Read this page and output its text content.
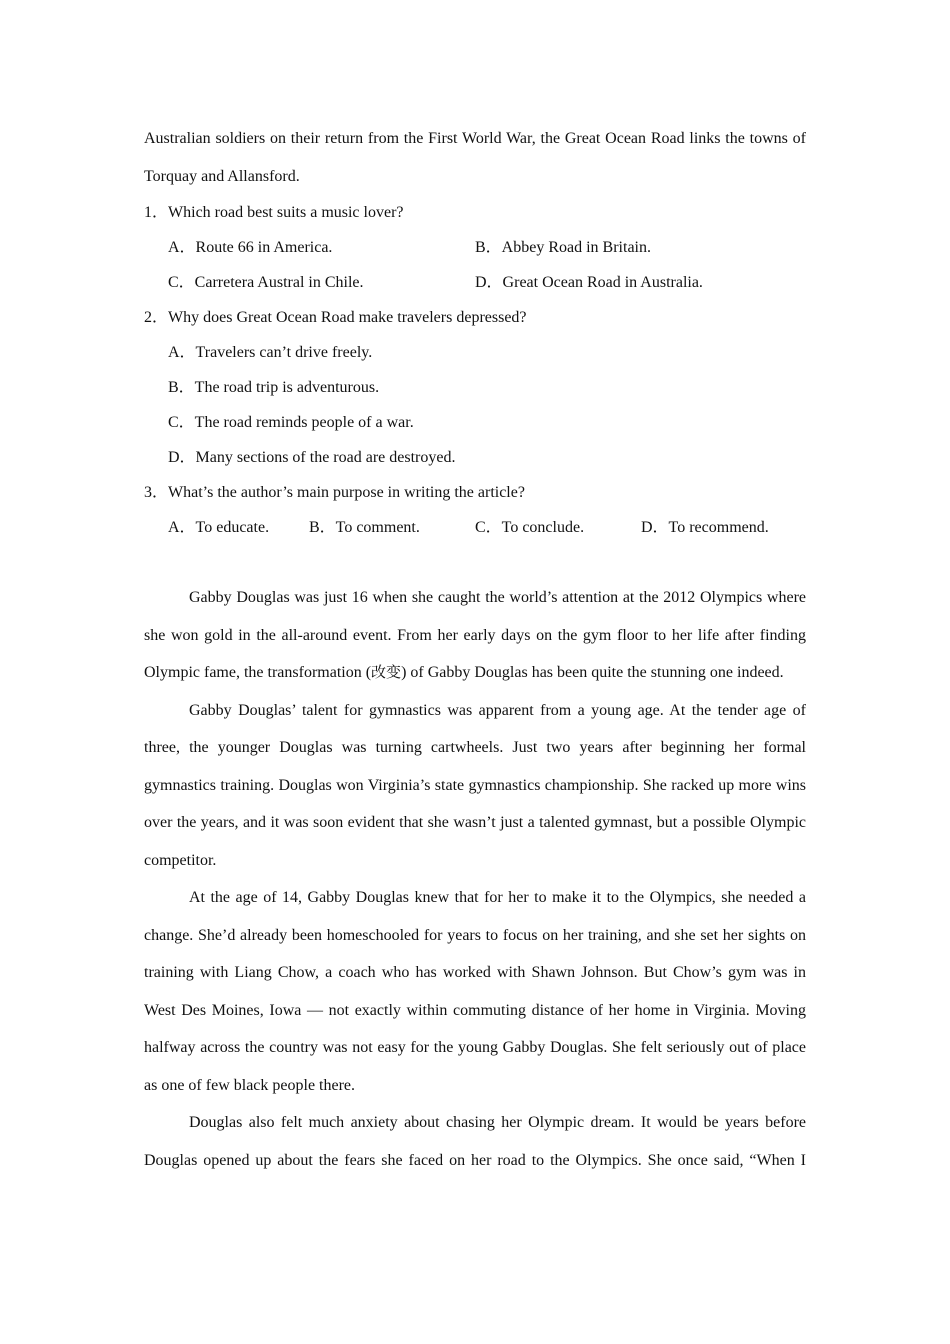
Australian soldiers on their return from the First World War, the Great Ocean Road links the towns of Torquay and Allansford.

1．Which road best suits a music lover?

A．Route 66 in America.	B．Abbey Road in Britain.
C．Carretera Austral in Chile.	D．Great Ocean Road in Australia.

2．Why does Great Ocean Road make travelers depressed?

A．Travelers can’t drive freely.
B．The road trip is adventurous.
C．The road reminds people of a war.
D．Many sections of the road are destroyed.

3．What’s the author’s main purpose in writing the article?

A．To educate. B．To comment.	C．To conclude.	D．To recommend.

Gabby Douglas was just 16 when she caught the world’s attention at the 2012 Olympics where she won gold in the all-around event. From her early days on the gym floor to her life after finding Olympic fame, the transformation (改变) of Gabby Douglas has been quite the stunning one indeed.

Gabby Douglas’ talent for gymnastics was apparent from a young age. At the tender age of three, the younger Douglas was turning cartwheels. Just two years after beginning her formal gymnastics training. Douglas won Virginia’s state gymnastics championship. She racked up more wins over the years, and it was soon evident that she wasn’t just a talented gymnast, but a possible Olympic competitor.

At the age of 14, Gabby Douglas knew that for her to make it to the Olympics, she needed a change. She’d already been homeschooled for years to focus on her training, and she set her sights on training with Liang Chow, a coach who has worked with Shawn Johnson. But Chow’s gym was in West Des Moines, Iowa — not exactly within commuting distance of her home in Virginia. Moving halfway across the country was not easy for the young Gabby Douglas. She felt seriously out of place as one of few black people there.

Douglas also felt much anxiety about chasing her Olympic dream. It would be years before Douglas opened up about the fears she faced on her road to the Olympics. She once said, “When I
